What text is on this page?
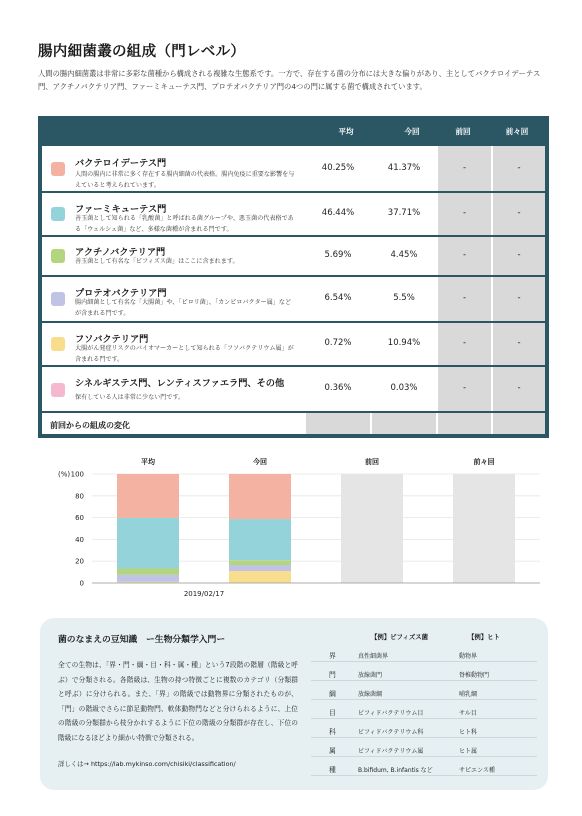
腸内細菌叢の組成（門レベル）
人間の腸内細菌叢は非常に多彩な菌種から構成される複雑な生態系です。一方で、存在する菌の分布には大きな偏りがあり、主としてバクテロイデーテス門、アクチノバクテリア門、ファーミキューテス門、プロテオバクテリア門の4つの門に属する菌で構成されています。
平均	今回	前回	前々回
バクテロイデーテス門
人間の腸内に非常に多く存在する腸内細菌の代表格。腸内免疫に重要な影響を与えていると考えられています。
40.25%	41.37%	-	-
ファーミキューテス門
善玉菌として知られる「乳酸菌」と呼ばれる菌グループや、悪玉菌の代表格である「ウェルシュ菌」など、多様な菌種が含まれる門です。
46.44%	37.71%	-	-
アクチノバクテリア門
善玉菌として有名な「ビフィズス菌」はここに含まれます。
5.69%	4.45%	-	-
プロテオバクテリア門
腸内細菌として有名な「大腸菌」や、「ピロリ菌」、「カンピロバクター属」などが含まれる門です。
6.54%	5.5%	-	-
フソバクテリア門
大腸がん発症リスクのバイオマーカーとして知られる「フソバクテリウム属」が含まれる門です。
0.72%	10.94%	-	-
シネルギステス門、レンティスファエラ門、その他
保有している人は非常に少ない門です。
0.36%	0.03%	-	-
前回からの組成の変化
平均	今回	前回	前々回
0
20
40
60
80
100
(%)
2019/02/17
菌のなまえの豆知識　ー生物分類学入門ー
全ての生物は、「界・門・綱・目・科・属・種」という7段階の階層（階級と呼ぶ）で分類される。各階級は、生物の持つ特徴ごとに複数のカテゴリ（分類群と呼ぶ）に分けられる。また、「界」の階級では動物界に分類されたものが、「門」の階級でさらに節足動物門、軟体動物門などと分けられるように、上位の階級の分類群から枝分かれするように下位の階級の分類群が存在し、下位の階級になるほどより細かい特徴で分類される。
詳しくは→ https://lab.mykinso.com/chisiki/classification/
【例】ビフィズス菌	【例】ヒト
界	真性細菌界	動物界
門	放線菌門	脊椎動物門
綱	放線菌綱	哺乳綱
目	ビフィドバクテリウム目	サル目
科	ビフィドバクテリウム科	ヒト科
属	ビフィドバクテリウム属	ヒト属
種	B.bifidum, B.infantis など	サピエンス種
